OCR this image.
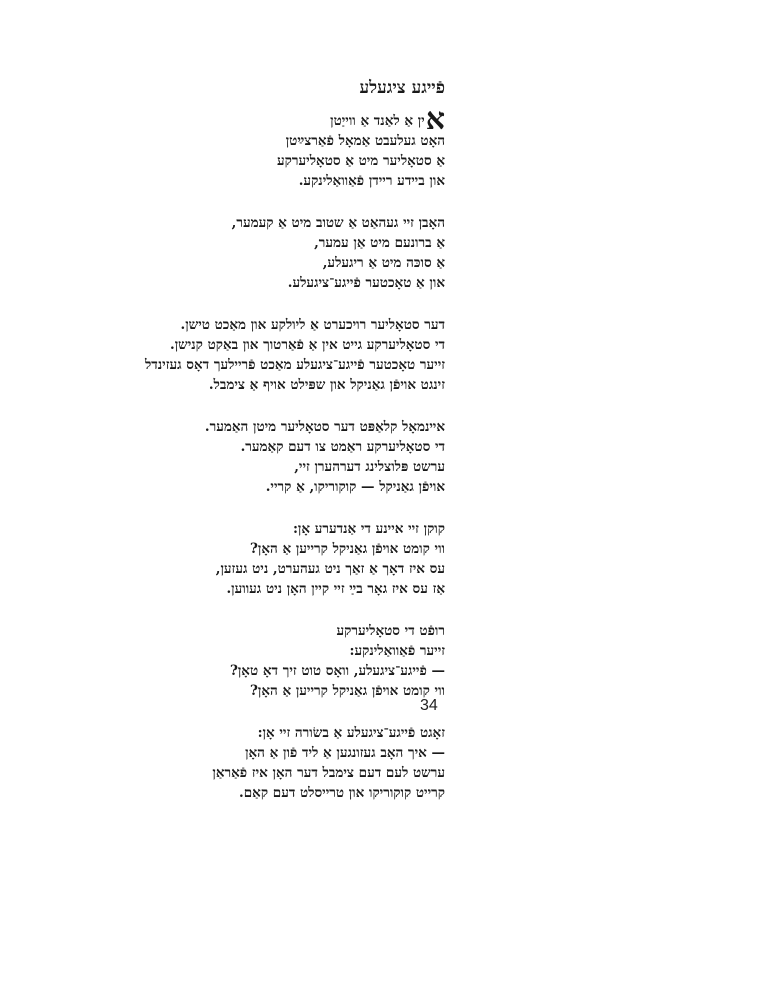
פֿייגע ציגעלע
אין אַ לאַנד אַ ווייַטן
האָט געלעבט אַמאָל פֿאַרצײַטן
אַ סטאָליער מיט אַ סטאָליערקע
און בײדע ריידן פֿאַוואַלינקע.
האָבן זיי געהאַט אַ שטוב מיט אַ קעמער,
אַ ברונעם מיט אַן עמער,
אַ סוכּה מיט אַ ריגעלע,
און אַ טאָכטער פֿייגע־ציגעלע.
דער סטאָליער רויכערט אַ ליולקע און מאַכט טישן.
די סטאָליערקע גייט אין אַ פֿאַרטוך און באַקט קנישן.
זייער טאָכטער פֿייגע־ציגעלע מאַכט פֿריילעך דאָס געזינדל
זינגט אויפֿן גאַניקל און שפּילט אויף אַ צימבל.
אײנמאָל קלאַפּט דער סטאָליער מיטן האַמער.
די סטאָליערקע ראַמט צו דעם קאַמער.
ערשט פּלוצלינג דערהערן זיי,
אויפֿן גאַניקל — קוקוריקו, אַ קריי.
קוקן זיי איינע די אַנדערע אָן:
ווי קומט אויפֿן גאַניקל קרייען אַ האָן?
עס איז דאָך אַ זאַך ניט געהערט, ניט געזען,
אַז עס איז גאָר בײַ זיי קיין האָן ניט געווען.
רופֿט די סטאָליערקע
זייער פֿאַוואַלינקע:
— פֿייגע־ציגעלע, וואָס טוט זיך דאָ טאָן?
ווי קומט אויפֿן גאַניקל קרייען אַ האָן?
זאָגט פֿייגע־ציגעלע אַ בשׂורה זיי אָן:
— איך האָב געזונגען אַ ליד פֿון אַ האָן
ערשט לעם דעם צימבל דער האָן איז פֿאַראַן
קרייט קוקוריקו און טרייסלט דעם קאַם.
34
